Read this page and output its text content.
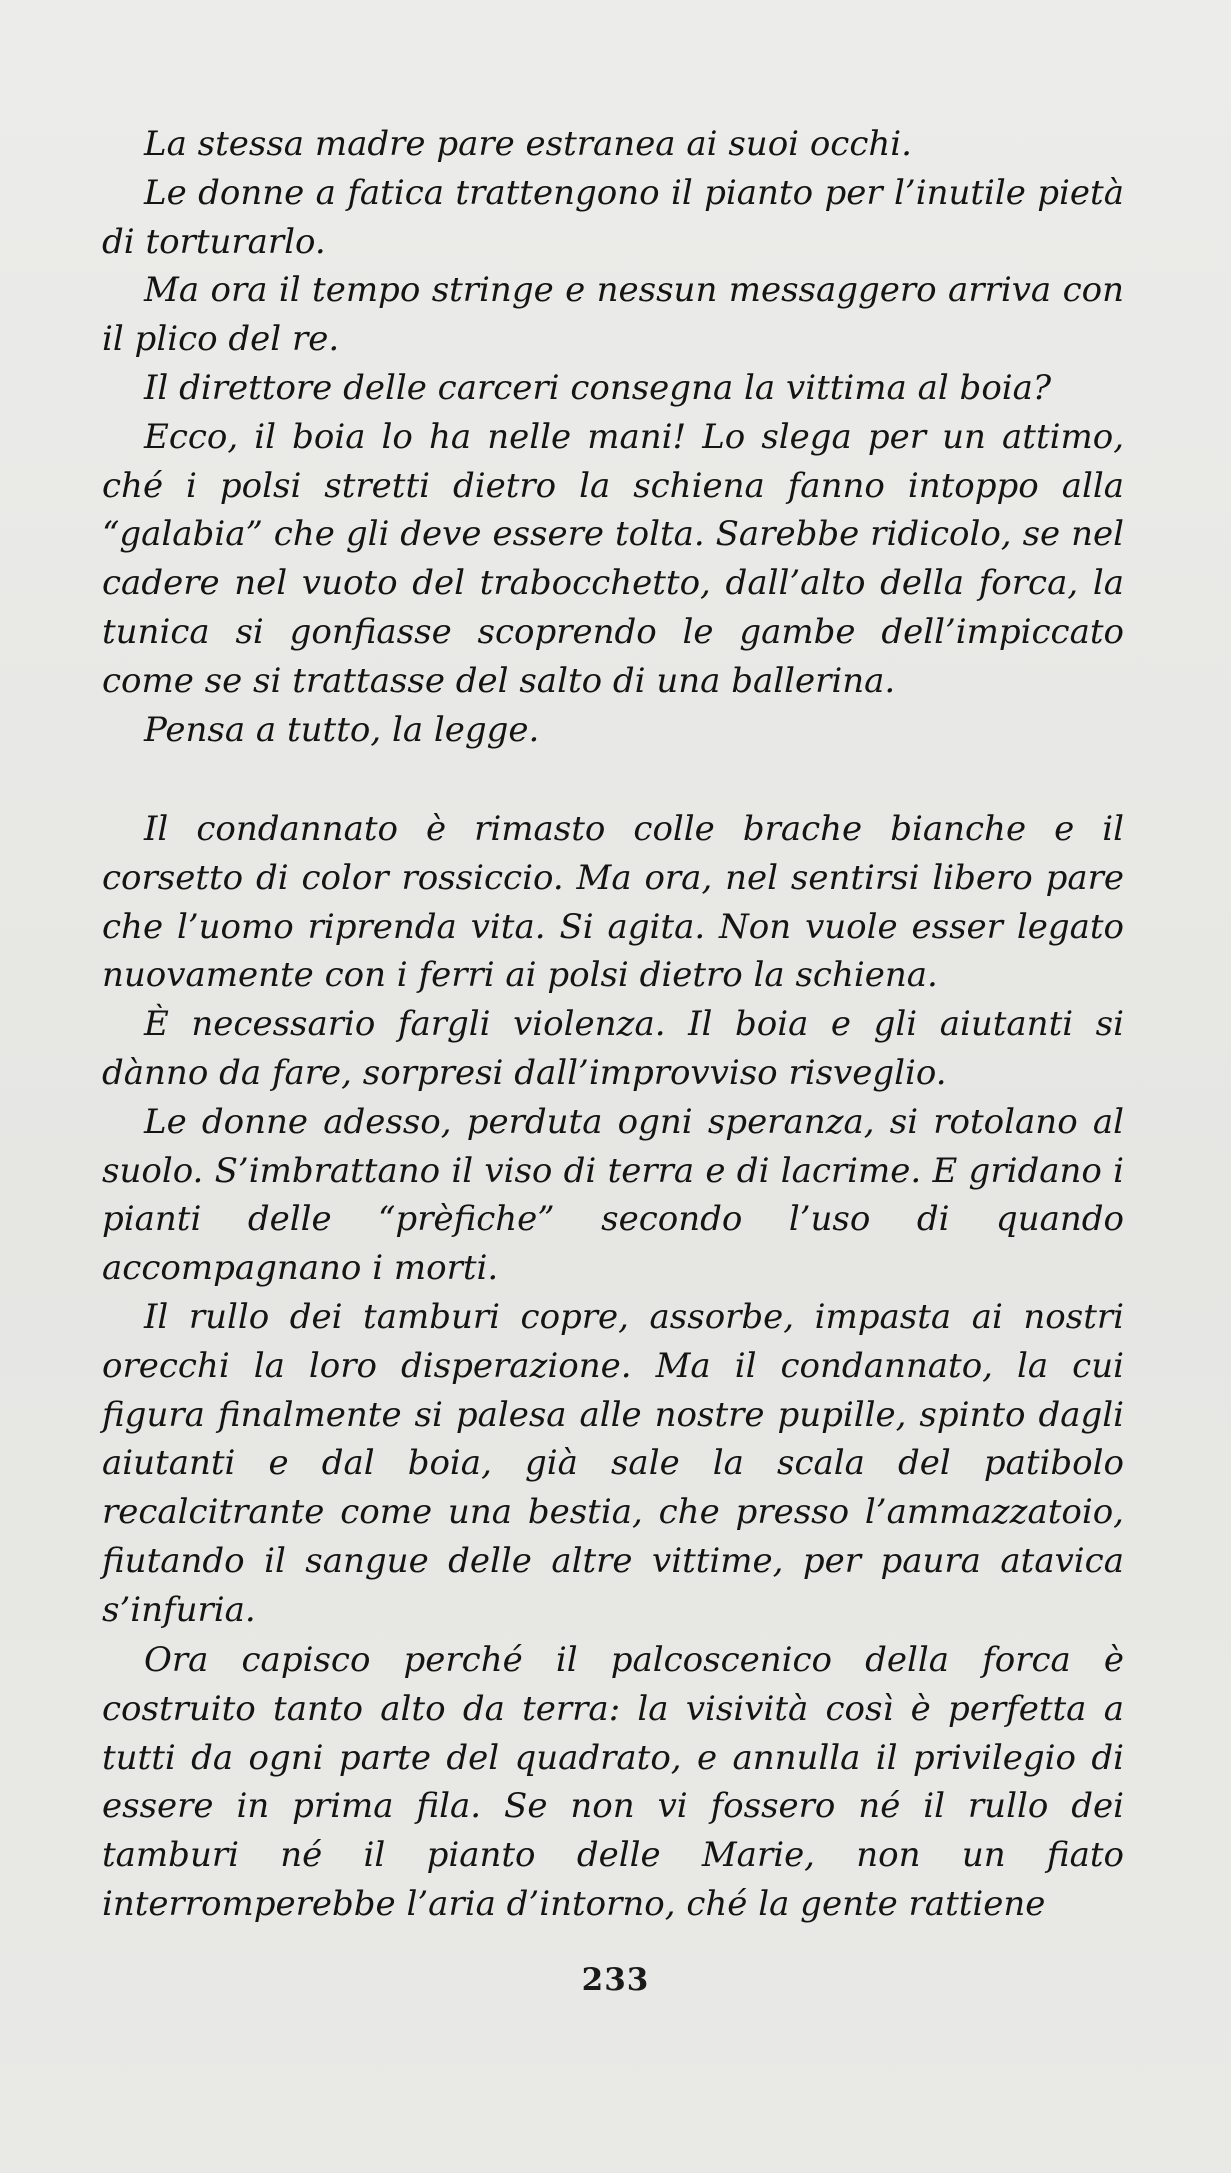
La stessa madre pare estranea ai suoi occhi.

Le donne a fatica trattengono il pianto per l’inutile pietà di torturarlo.

Ma ora il tempo stringe e nessun messaggero arriva con il plico del re.

Il direttore delle carceri consegna la vittima al boia?

Ecco, il boia lo ha nelle mani! Lo slega per un attimo, ché i polsi stretti dietro la schiena fanno intoppo alla “galabia” che gli deve essere tolta. Sarebbe ridicolo, se nel cadere nel vuoto del trabocchetto, dall’alto della forca, la tunica si gonfiasse scoprendo le gambe dell’impiccato come se si trattasse del salto di una ballerina.

Pensa a tutto, la legge.

Il condannato è rimasto colle brache bianche e il corsetto di color rossiccio. Ma ora, nel sentirsi libero pare che l’uomo riprenda vita. Si agita. Non vuole esser legato nuovamente con i ferri ai polsi dietro la schiena.

È necessario fargli violenza. Il boia e gli aiutanti si dànno da fare, sorpresi dall’improvviso risveglio.

Le donne adesso, perduta ogni speranza, si rotolano al suolo. S’imbrattano il viso di terra e di lacrime. E gridano i pianti delle “prèfiche” secondo l’uso di quando accompagnano i morti.

Il rullo dei tamburi copre, assorbe, impasta ai nostri orecchi la loro disperazione. Ma il condannato, la cui figura finalmente si palesa alle nostre pupille, spinto dagli aiutanti e dal boia, già sale la scala del patibolo recalcitrante come una bestia, che presso l’ammazzatoio, fiutando il sangue delle altre vittime, per paura atavica s’infuria.

Ora capisco perché il palcoscenico della forca è costruito tanto alto da terra: la visività così è perfetta a tutti da ogni parte del quadrato, e annulla il privilegio di essere in prima fila. Se non vi fossero né il rullo dei tamburi né il pianto delle Marie, non un fiato interromperebbe l’aria d’intorno, ché la gente rattiene

233
